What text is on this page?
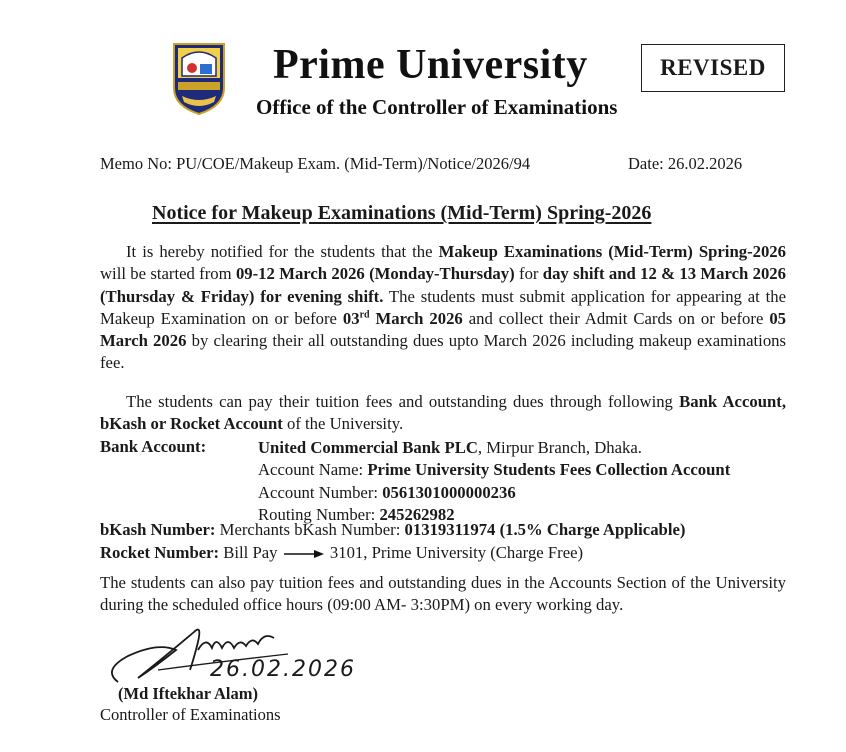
Prime University
Office of the Controller of Examinations
REVISED
Memo No: PU/COE/Makeup Exam. (Mid-Term)/Notice/2026/94	Date: 26.02.2026
Notice for Makeup Examinations (Mid-Term) Spring-2026
It is hereby notified for the students that the Makeup Examinations (Mid-Term) Spring-2026 will be started from 09-12 March 2026 (Monday-Thursday) for day shift and 12 & 13 March 2026 (Thursday & Friday) for evening shift. The students must submit application for appearing at the Makeup Examination on or before 03rd March 2026 and collect their Admit Cards on or before 05 March 2026 by clearing their all outstanding dues upto March 2026 including makeup examinations fee.
The students can pay their tuition fees and outstanding dues through following Bank Account, bKash or Rocket Account of the University.
Bank Account:	United Commercial Bank PLC, Mirpur Branch, Dhaka.
Account Name: Prime University Students Fees Collection Account
Account Number: 0561301000000236
Routing Number: 245262982
bKash Number: Merchants bKash Number: 01319311974 (1.5% Charge Applicable)
Rocket Number: Bill Pay	3101, Prime University (Charge Free)
The students can also pay tuition fees and outstanding dues in the Accounts Section of the University during the scheduled office hours (09:00 AM- 3:30PM) on every working day.
26.02.2026
(Md Iftekhar Alam)
Controller of Examinations
